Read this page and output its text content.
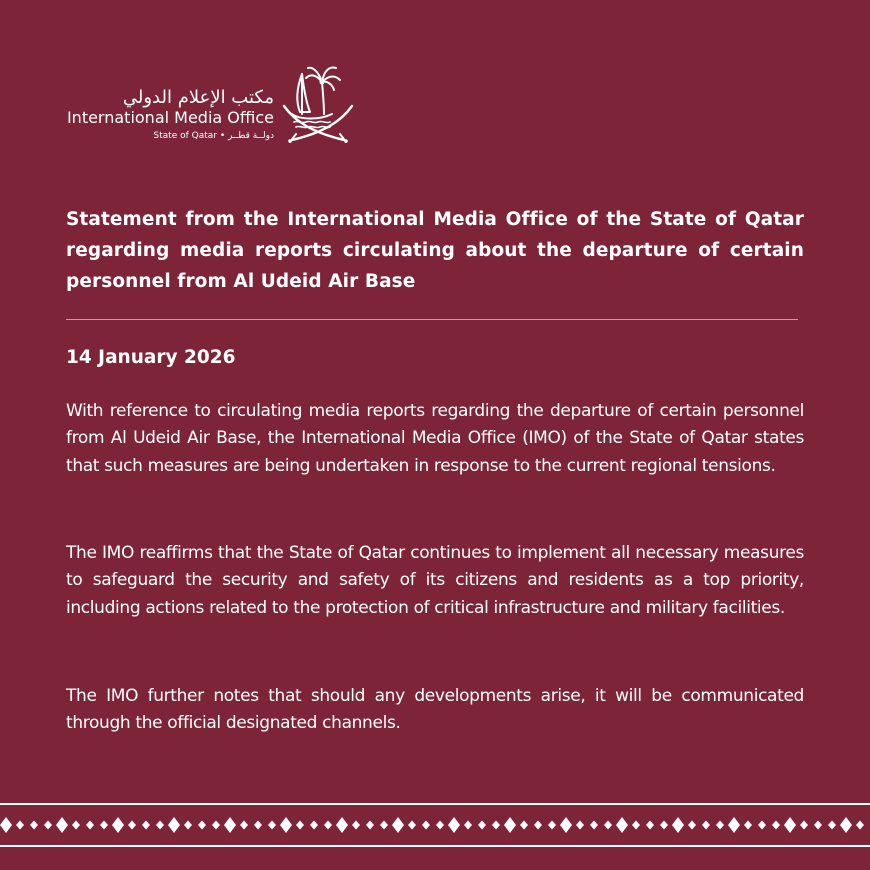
مكتب الإعلام الدولي
International Media Office
State of Qatar • دولــة قطــر

Statement from the International Media Office of the State of Qatar regarding media reports circulating about the departure of certain personnel from Al Udeid Air Base

14 January 2026

With reference to circulating media reports regarding the departure of certain personnel from Al Udeid Air Base, the International Media Office (IMO) of the State of Qatar states that such measures are being undertaken in response to the current regional tensions.

The IMO reaffirms that the State of Qatar continues to implement all necessary measures to safeguard the security and safety of its citizens and residents as a top priority, including actions related to the protection of critical infrastructure and military facilities.

The IMO further notes that should any developments arise, it will be communicated through the official designated channels.
